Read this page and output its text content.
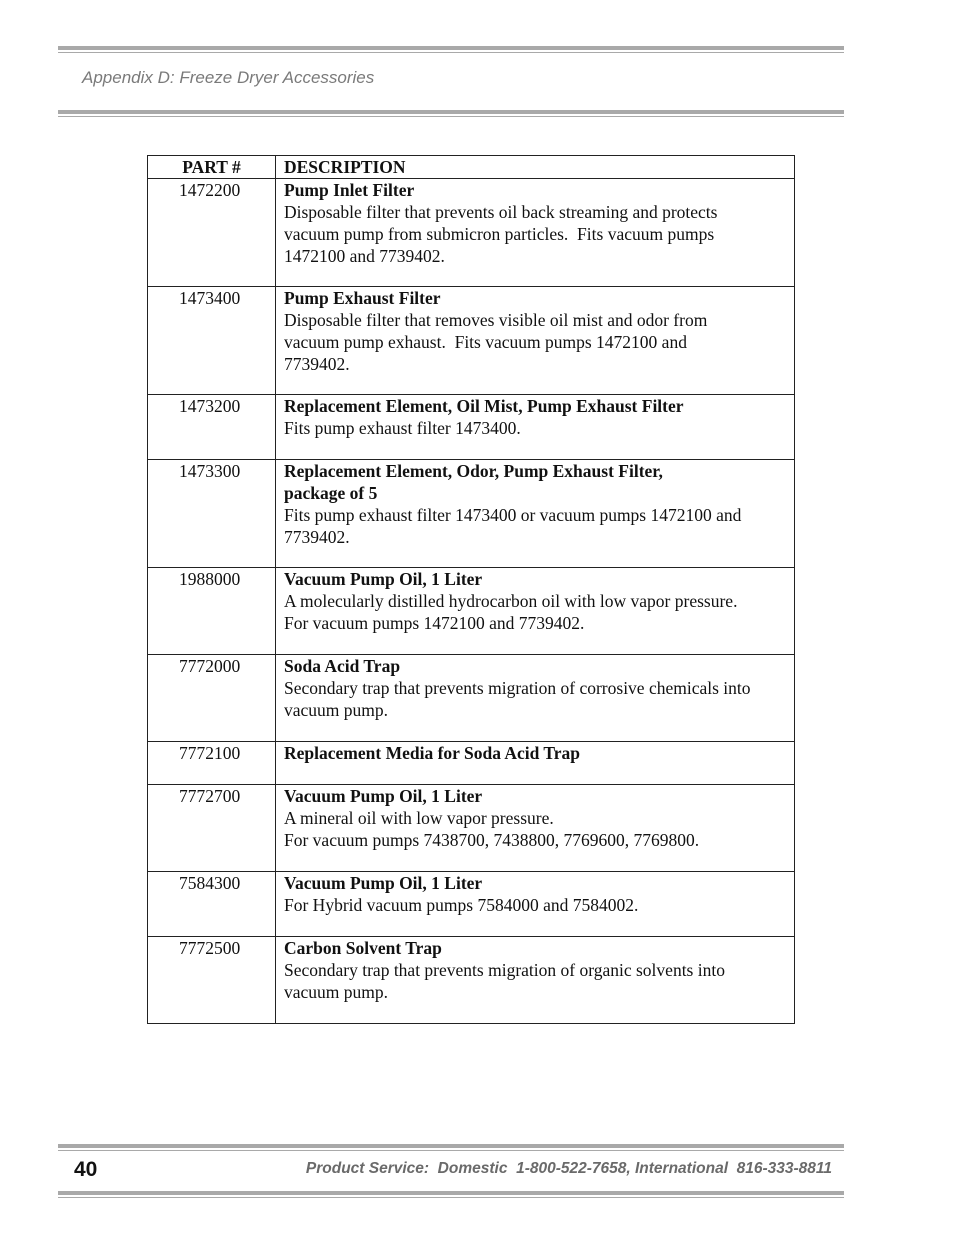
Appendix D: Freeze Dryer Accessories
PART #	DESCRIPTION
1472200	Pump Inlet Filter
Disposable filter that prevents oil back streaming and protects
vacuum pump from submicron particles.  Fits vacuum pumps
1472100 and 7739402.

1473400	Pump Exhaust Filter
Disposable filter that removes visible oil mist and odor from
vacuum pump exhaust.  Fits vacuum pumps 1472100 and
7739402.

1473200	Replacement Element, Oil Mist, Pump Exhaust Filter
Fits pump exhaust filter 1473400.

1473300	Replacement Element, Odor, Pump Exhaust Filter,
package of 5
Fits pump exhaust filter 1473400 or vacuum pumps 1472100 and
7739402.

1988000	Vacuum Pump Oil, 1 Liter
A molecularly distilled hydrocarbon oil with low vapor pressure.
For vacuum pumps 1472100 and 7739402.

7772000	Soda Acid Trap
Secondary trap that prevents migration of corrosive chemicals into
vacuum pump.

7772100	Replacement Media for Soda Acid Trap

7772700	Vacuum Pump Oil, 1 Liter
A mineral oil with low vapor pressure.
For vacuum pumps 7438700, 7438800, 7769600, 7769800.

7584300	Vacuum Pump Oil, 1 Liter
For Hybrid vacuum pumps 7584000 and 7584002.

7772500	Carbon Solvent Trap
Secondary trap that prevents migration of organic solvents into
vacuum pump.
40	Product Service:  Domestic  1-800-522-7658, International  816-333-8811
